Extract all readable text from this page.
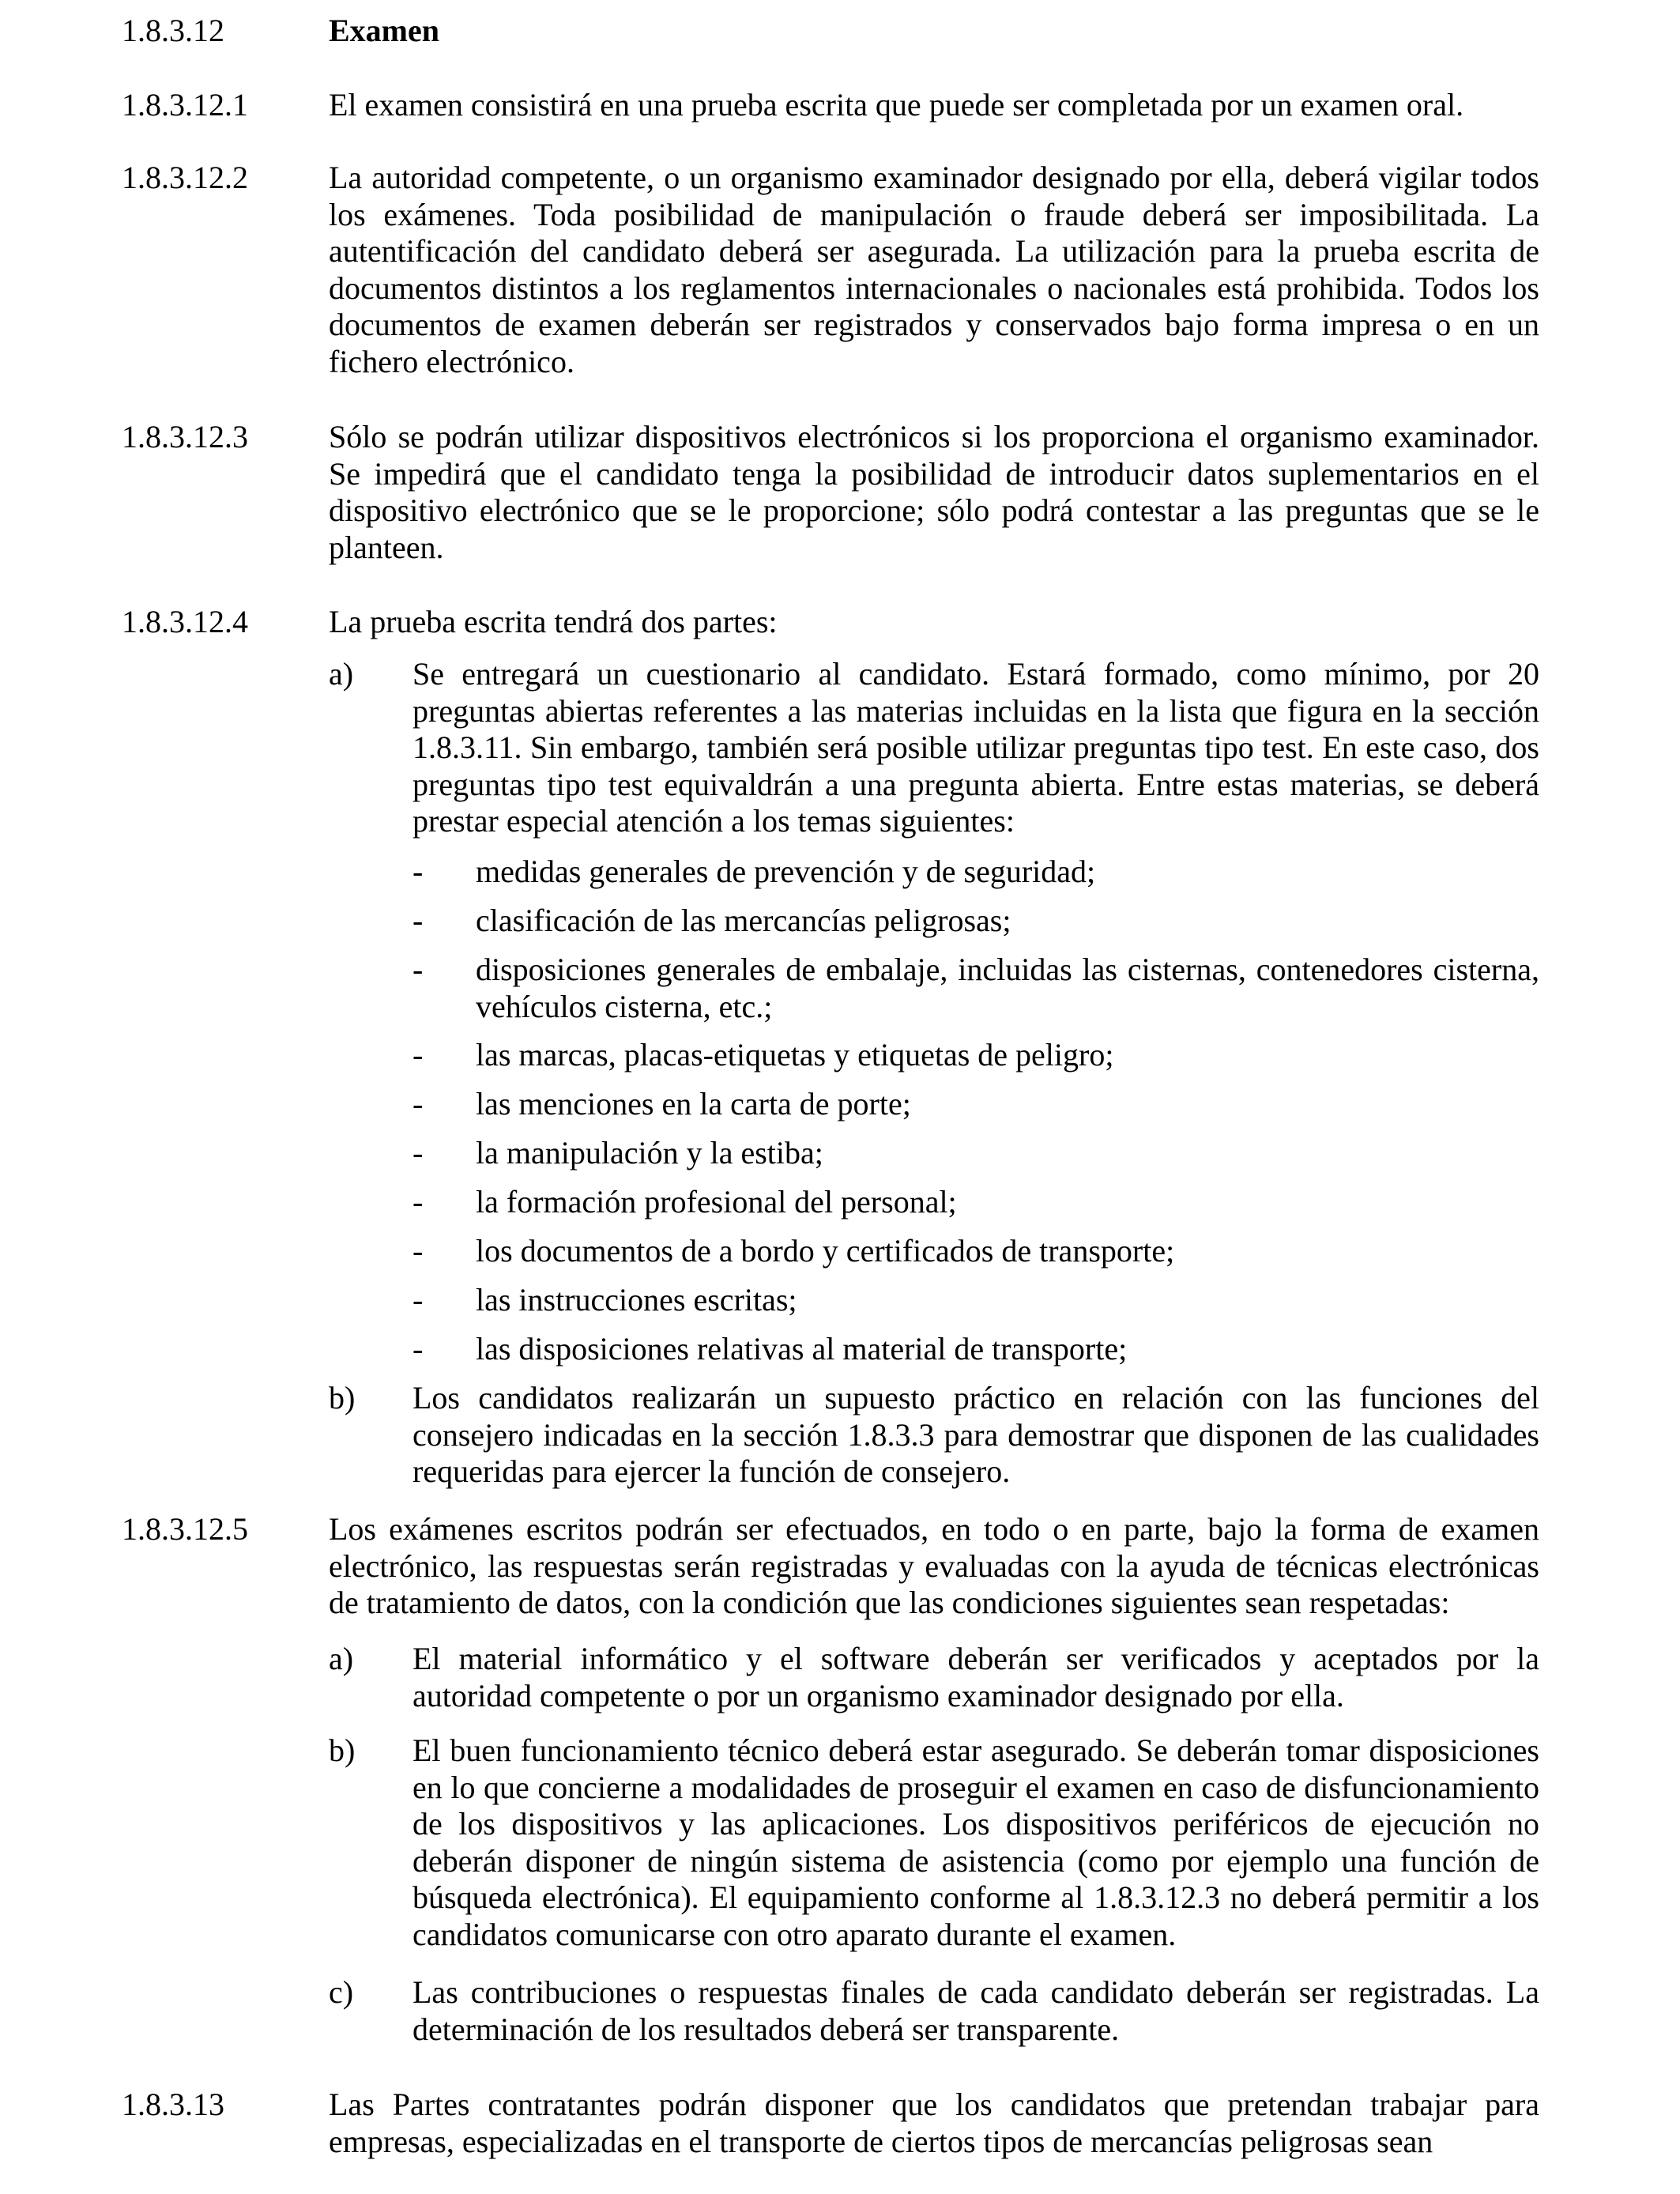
1.8.3.12	Examen
1.8.3.12.1	El examen consistirá en una prueba escrita que puede ser completada por un examen oral.
1.8.3.12.2	La autoridad competente, o un organismo examinador designado por ella, deberá vigilar todos los exámenes. Toda posibilidad de manipulación o fraude deberá ser imposibilitada. La autentificación del candidato deberá ser asegurada. La utilización para la prueba escrita de documentos distintos a los reglamentos internacionales o nacionales está prohibida. Todos los documentos de examen deberán ser registrados y conservados bajo forma impresa o en un fichero electrónico.
1.8.3.12.3	Sólo se podrán utilizar dispositivos electrónicos si los proporciona el organismo examinador. Se impedirá que el candidato tenga la posibilidad de introducir datos suplementarios en el dispositivo electrónico que se le proporcione; sólo podrá contestar a las preguntas que se le planteen.
1.8.3.12.4	La prueba escrita tendrá dos partes:
a) Se entregará un cuestionario al candidato. Estará formado, como mínimo, por 20 preguntas abiertas referentes a las materias incluidas en la lista que figura en la sección 1.8.3.11. Sin embargo, también será posible utilizar preguntas tipo test. En este caso, dos preguntas tipo test equivaldrán a una pregunta abierta. Entre estas materias, se deberá prestar especial atención a los temas siguientes:
- medidas generales de prevención y de seguridad;
- clasificación de las mercancías peligrosas;
- disposiciones generales de embalaje, incluidas las cisternas, contenedores cisterna, vehículos cisterna, etc.;
- las marcas, placas-etiquetas y etiquetas de peligro;
- las menciones en la carta de porte;
- la manipulación y la estiba;
- la formación profesional del personal;
- los documentos de a bordo y certificados de transporte;
- las instrucciones escritas;
- las disposiciones relativas al material de transporte;
b) Los candidatos realizarán un supuesto práctico en relación con las funciones del consejero indicadas en la sección 1.8.3.3 para demostrar que disponen de las cualidades requeridas para ejercer la función de consejero.
1.8.3.12.5	Los exámenes escritos podrán ser efectuados, en todo o en parte, bajo la forma de examen electrónico, las respuestas serán registradas y evaluadas con la ayuda de técnicas electrónicas de tratamiento de datos, con la condición que las condiciones siguientes sean respetadas:
a) El material informático y el software deberán ser verificados y aceptados por la autoridad competente o por un organismo examinador designado por ella.
b) El buen funcionamiento técnico deberá estar asegurado. Se deberán tomar disposiciones en lo que concierne a modalidades de proseguir el examen en caso de disfuncionamiento de los dispositivos y las aplicaciones. Los dispositivos periféricos de ejecución no deberán disponer de ningún sistema de asistencia (como por ejemplo una función de búsqueda electrónica). El equipamiento conforme al 1.8.3.12.3 no deberá permitir a los candidatos comunicarse con otro aparato durante el examen.
c) Las contribuciones o respuestas finales de cada candidato deberán ser registradas. La determinación de los resultados deberá ser transparente.
1.8.3.13	Las Partes contratantes podrán disponer que los candidatos que pretendan trabajar para empresas, especializadas en el transporte de ciertos tipos de mercancías peligrosas sean
